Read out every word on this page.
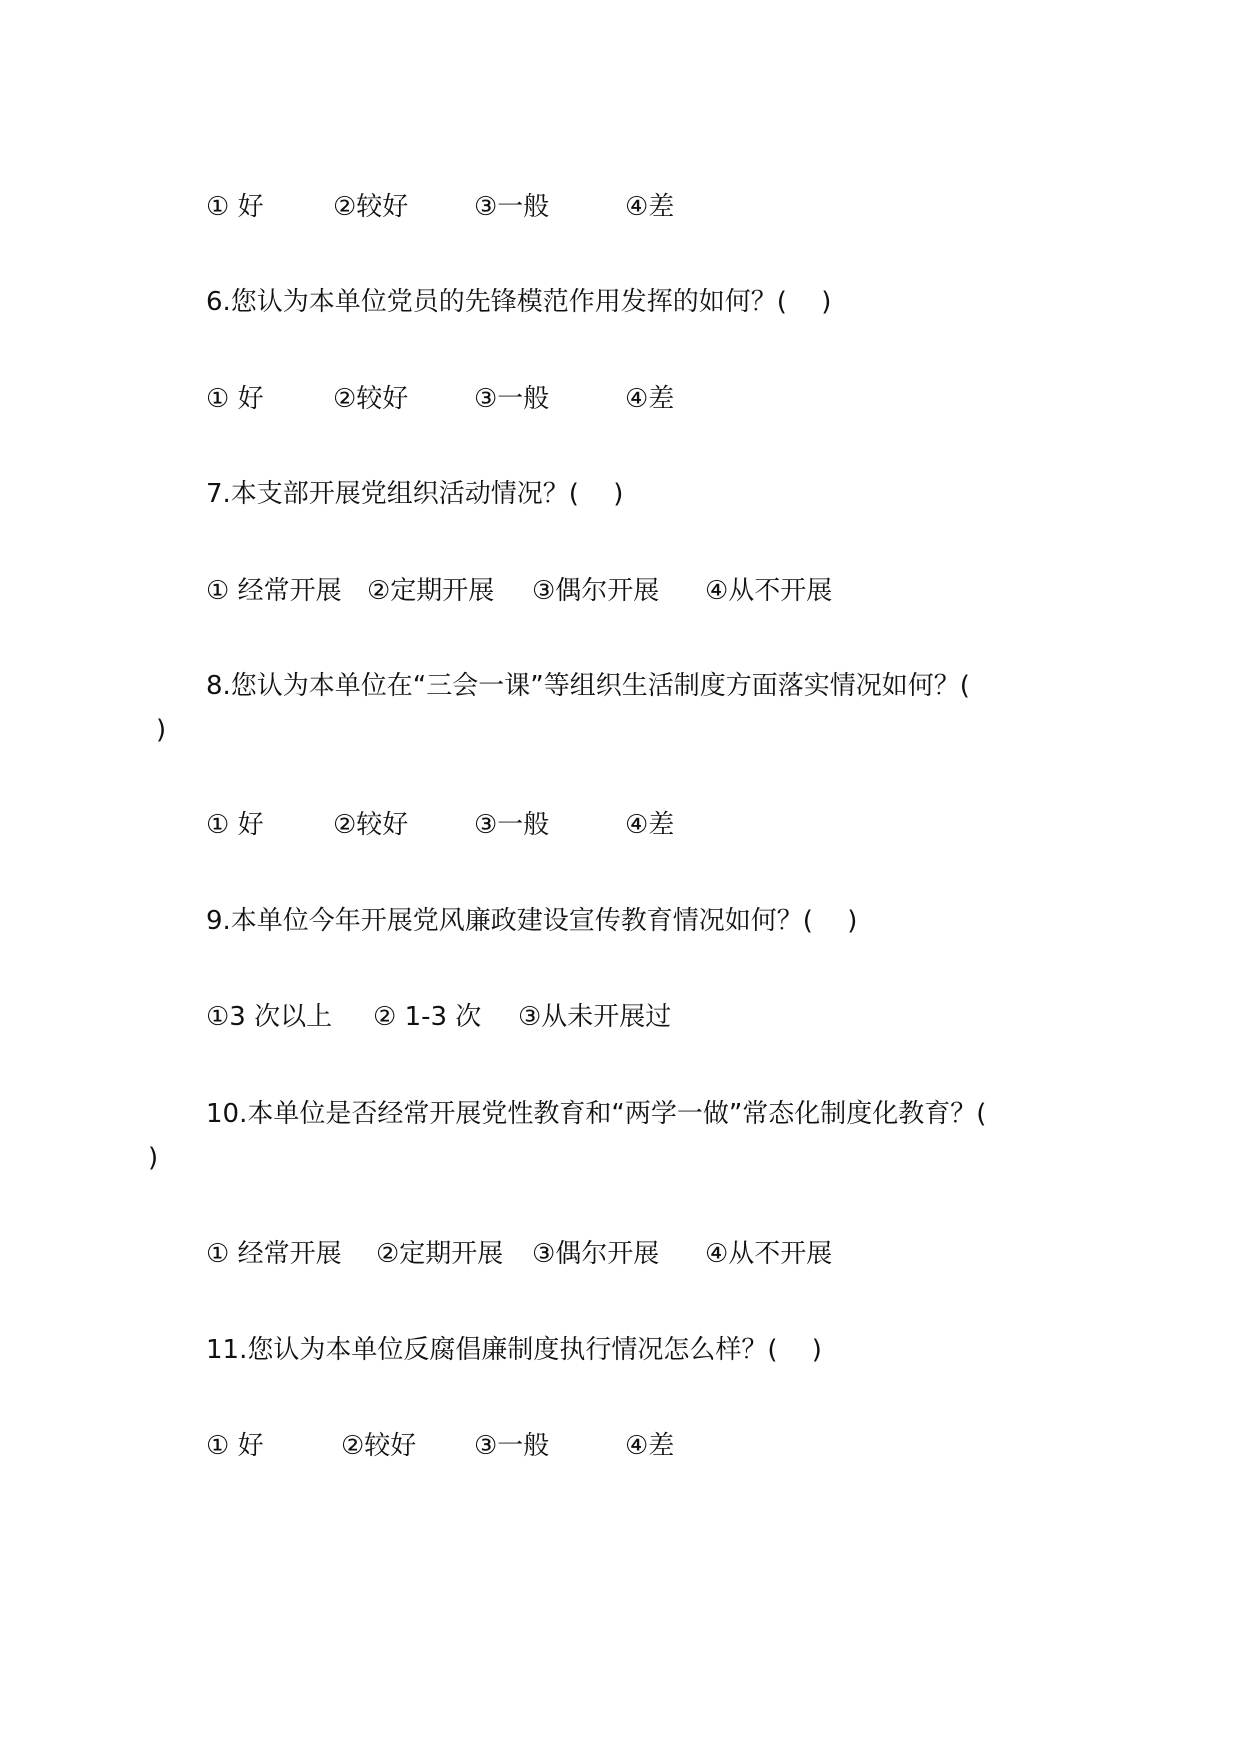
① 好	②较好	③一般	④差
6.您认为本单位党员的先锋模范作用发挥的如何？(　 )
① 好	②较好	③一般	④差
7.本支部开展党组织活动情况？(　 )
① 经常开展 ②定期开展 ③偶尔开展 ④从不开展
8.您认为本单位在“三会一课”等组织生活制度方面落实情况如何？(
)
① 好	②较好	③一般	④差
9.本单位今年开展党风廉政建设宣传教育情况如何？(　 )
①3 次以上 ② 1-3 次 ③从未开展过
10.本单位是否经常开展党性教育和“两学一做”常态化制度化教育？(
)
① 经常开展 ②定期开展 ③偶尔开展 ④从不开展
11.您认为本单位反腐倡廉制度执行情况怎么样？(　 )
① 好	②较好 ③一般	④差
